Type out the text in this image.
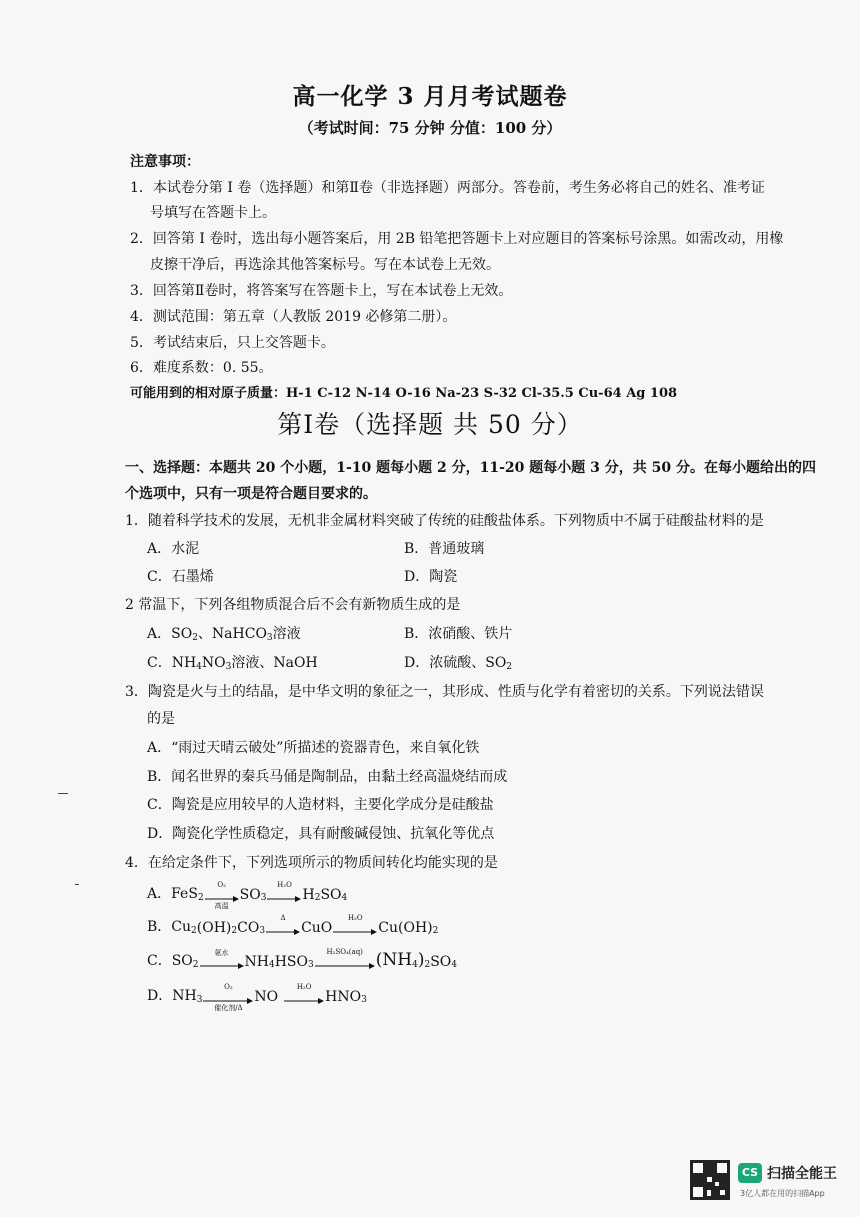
高一化学 3 月月考试题卷
（考试时间：75 分钟 分值：100 分）
注意事项：
1．本试卷分第 I 卷（选择题）和第Ⅱ卷（非选择题）两部分。答卷前，考生务必将自己的姓名、准考证
号填写在答题卡上。
2．回答第 I 卷时，选出每小题答案后，用 2B 铅笔把答题卡上对应题目的答案标号涂黑。如需改动，用橡
皮擦干净后，再选涂其他答案标号。写在本试卷上无效。
3．回答第Ⅱ卷时，将答案写在答题卡上，写在本试卷上无效。
4．测试范围：第五章（人教版 2019 必修第二册）。
5．考试结束后，只上交答题卡。
6．难度系数：0. 55。
可能用到的相对原子质量：H-1 C-12 N-14 O-16 Na-23 S-32 Cl-35.5 Cu-64 Ag 108
第I卷（选择题 共 50 分）
一、选择题：本题共 20 个小题，1-10 题每小题 2 分，11-20 题每小题 3 分，共 50 分。在每小题给出的四
个选项中，只有一项是符合题目要求的。
1．随着科学技术的发展，无机非金属材料突破了传统的硅酸盐体系。下列物质中不属于硅酸盐材料的是
A．水泥	B．普通玻璃
C．石墨烯	D．陶瓷
2 常温下，下列各组物质混合后不会有新物质生成的是
A．$SO_2$、NaHCO$_3$溶液	B．浓硝酸、铁片
C．$NH_4NO_3$溶液、NaOH	D．浓硫酸、$SO_2$
3．陶瓷是火与土的结晶，是中华文明的象征之一，其形成、性质与化学有着密切的关系。下列说法错误
的是
A．“雨过天晴云破处”所描述的瓷器青色，来自氧化铁
B．闻名世界的秦兵马俑是陶制品，由黏土经高温烧结而成
C．陶瓷是应用较早的人造材料，主要化学成分是硅酸盐
D．陶瓷化学性质稳定，具有耐酸碱侵蚀、抗氧化等优点
4．在给定条件下，下列选项所示的物质间转化均能实现的是
A．FeS$_2$
O₂
高温
$SO_3$
H₂O
$H_2$ $SO_4$
B．$Cu_2$ $(OH)_2$ $CO_3$
Δ
CuO
H₂O
$Cu(OH)_2$
C．$SO_2$
氨水
$NH_4$ $HSO_3$
H₂SO₄(aq) ($NH_4$ )$_2$ $SO_4$
D．$NH_3$
O₂
催化剂/Δ
NO
H₂O
$HNO_3$
CS 扫描全能王
3亿人都在用的扫描App
